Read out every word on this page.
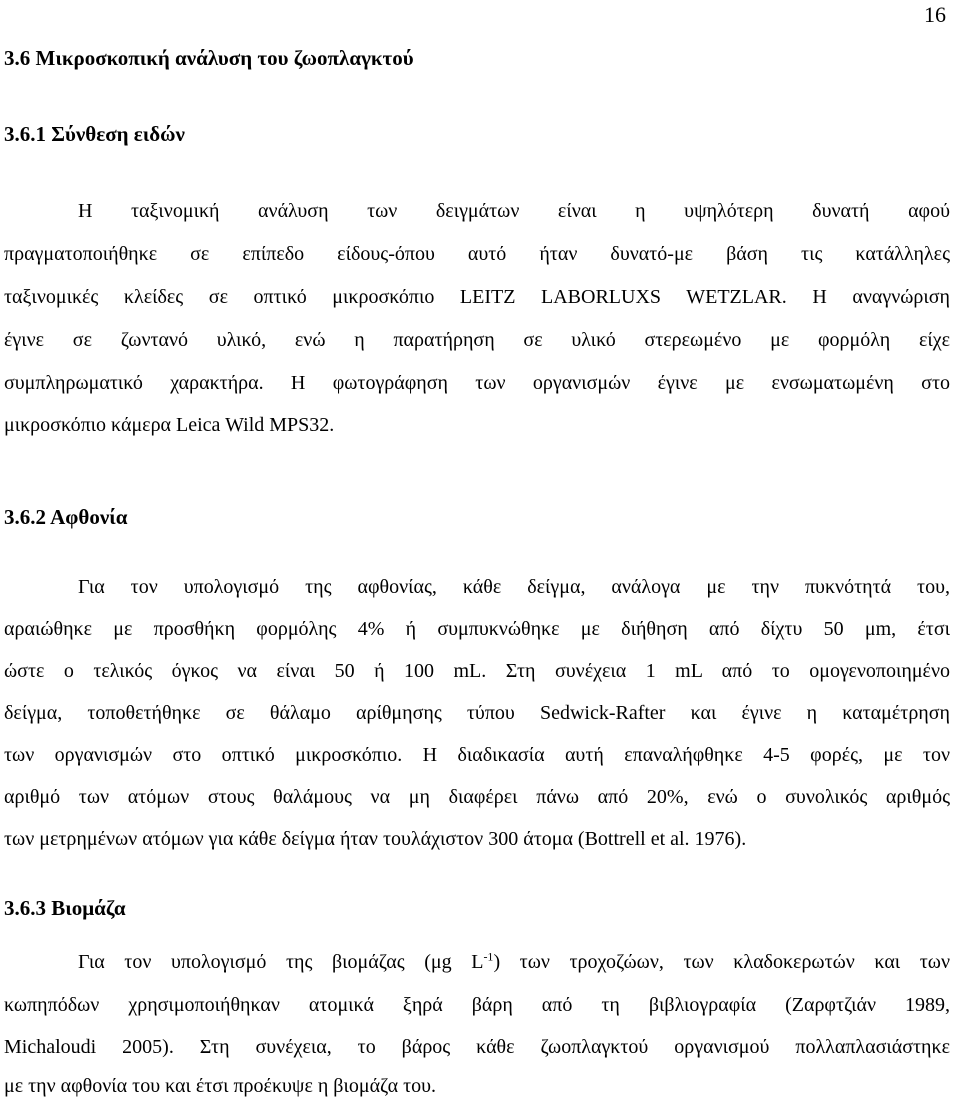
16
3.6 Μικροσκοπική ανάλυση του ζωοπλαγκτού
3.6.1 Σύνθεση ειδών
Η ταξινομική ανάλυση των δειγμάτων είναι η υψηλότερη δυνατή αφού
πραγματοποιήθηκε σε επίπεδο είδους-όπου αυτό ήταν δυνατό-με βάση τις κατάλληλες
ταξινομικές κλείδες σε οπτικό μικροσκόπιο LEITZ LABORLUXS WETZLAR. Η αναγνώριση
έγινε σε ζωντανό υλικό, ενώ η παρατήρηση σε υλικό στερεωμένο με φορμόλη είχε
συμπληρωματικό χαρακτήρα. Η φωτογράφηση των οργανισμών έγινε με ενσωματωμένη στο
μικροσκόπιο κάμερα Leica Wild MPS32.
3.6.2 Αφθονία
Για τον υπολογισμό της αφθονίας, κάθε δείγμα, ανάλογα με την πυκνότητά του,
αραιώθηκε με προσθήκη φορμόλης 4% ή συμπυκνώθηκε με διήθηση από δίχτυ 50 μm, έτσι
ώστε ο τελικός όγκος να είναι 50 ή 100 mL. Στη συνέχεια 1 mL από το ομογενοποιημένο
δείγμα, τοποθετήθηκε σε θάλαμο αρίθμησης τύπου Sedwick-Rafter και έγινε η καταμέτρηση
των οργανισμών στο οπτικό μικροσκόπιο. Η διαδικασία αυτή επαναλήφθηκε 4-5 φορές, με τον
αριθμό των ατόμων στους θαλάμους να μη διαφέρει πάνω από 20%, ενώ ο συνολικός αριθμός
των μετρημένων ατόμων για κάθε δείγμα ήταν τουλάχιστον 300 άτομα (Bottrell et al. 1976).
3.6.3 Βιομάζα
Για τον υπολογισμό της βιομάζας (μg $L^{-1}$) των τροχοζώων, των κλαδοκερωτών και των
κωπηπόδων χρησιμοποιήθηκαν ατομικά ξηρά βάρη από τη βιβλιογραφία (Ζαρφτζιάν 1989,
Michaloudi 2005). Στη συνέχεια, το βάρος κάθε ζωοπλαγκτού οργανισμού πολλαπλασιάστηκε
με την αφθονία του και έτσι προέκυψε η βιομάζα του.
